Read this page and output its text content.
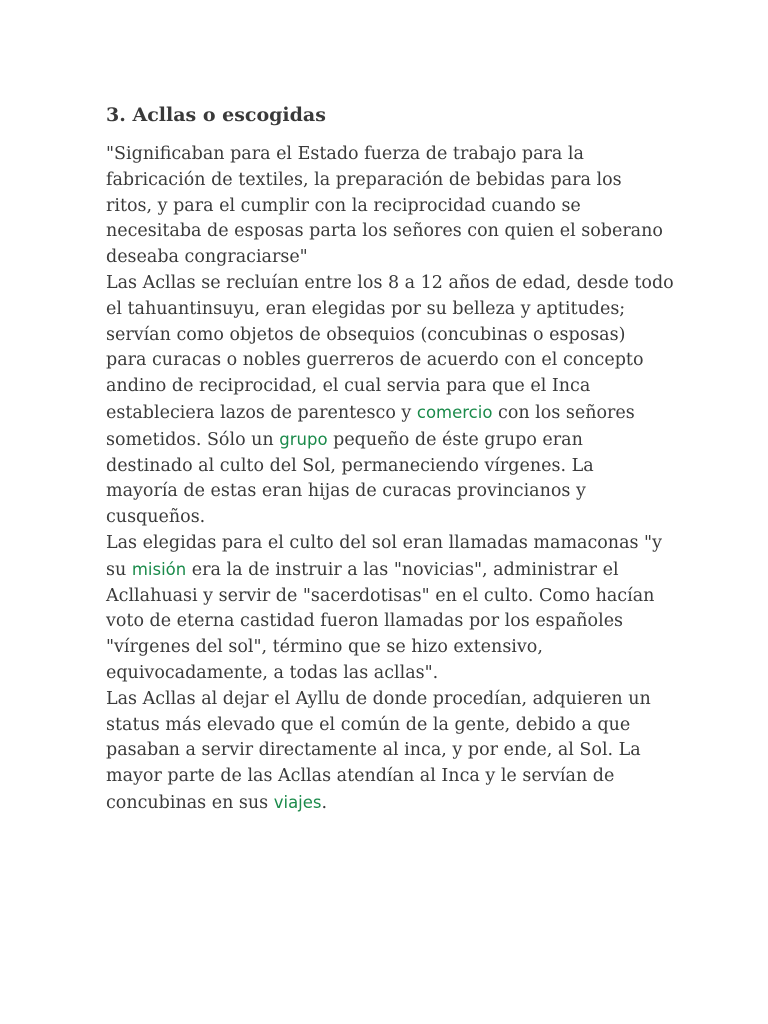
3. Acllas o escogidas
"Significaban para el Estado fuerza de trabajo para la
fabricación de textiles, la preparación de bebidas para los
ritos, y para el cumplir con la reciprocidad cuando se
necesitaba de esposas parta los señores con quien el soberano
deseaba congraciarse"
Las Acllas se recluían entre los 8 a 12 años de edad, desde todo
el tahuantinsuyu, eran elegidas por su belleza y aptitudes;
servían como objetos de obsequios (concubinas o esposas)
para curacas o nobles guerreros de acuerdo con el concepto
andino de reciprocidad, el cual servia para que el Inca
estableciera lazos de parentesco y comercio con los señores
sometidos. Sólo un grupo pequeño de éste grupo eran
destinado al culto del Sol, permaneciendo vírgenes. La
mayoría de estas eran hijas de curacas provincianos y
cusqueños.
Las elegidas para el culto del sol eran llamadas mamaconas "y
su misión era la de instruir a las "novicias", administrar el
Acllahuasi y servir de "sacerdotisas" en el culto. Como hacían
voto de eterna castidad fueron llamadas por los españoles
"vírgenes del sol", término que se hizo extensivo,
equivocadamente, a todas las acllas".
Las Acllas al dejar el Ayllu de donde procedían, adquieren un
status más elevado que el común de la gente, debido a que
pasaban a servir directamente al inca, y por ende, al Sol. La
mayor parte de las Acllas atendían al Inca y le servían de
concubinas en sus viajes.
